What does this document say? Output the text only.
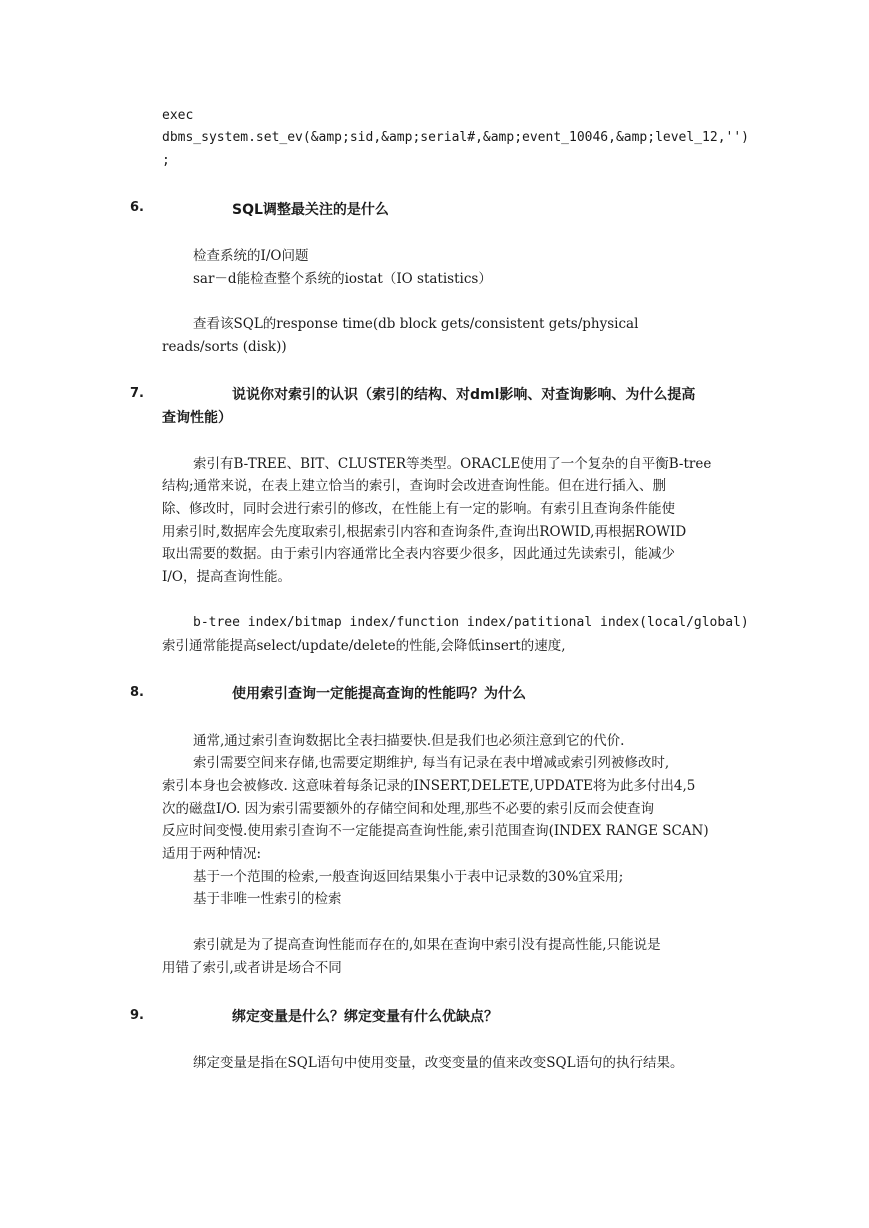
exec
dbms_system.set_ev(&amp;sid,&amp;serial#,&amp;event_10046,&amp;level_12,'')
;
6.	SQL调整最关注的是什么
检查系统的I/O问题
sar－d能检查整个系统的iostat（IO statistics）
查看该SQL的response time(db block gets/consistent gets/physical
reads/sorts (disk))
7.	说说你对索引的认识（索引的结构、对dml影响、对查询影响、为什么提高
查询性能）
索引有B-TREE、BIT、CLUSTER等类型。ORACLE使用了一个复杂的自平衡B-tree
结构;通常来说，在表上建立恰当的索引，查询时会改进查询性能。但在进行插入、删
除、修改时，同时会进行索引的修改，在性能上有一定的影响。有索引且查询条件能使
用索引时,数据库会先度取索引,根据索引内容和查询条件,查询出ROWID,再根据ROWID
取出需要的数据。由于索引内容通常比全表内容要少很多，因此通过先读索引，能减少
I/O，提高查询性能。
b-tree index/bitmap index/function index/patitional index(local/global)
索引通常能提高select/update/delete的性能,会降低insert的速度,
8.	使用索引查询一定能提高查询的性能吗？为什么
通常,通过索引查询数据比全表扫描要快.但是我们也必须注意到它的代价.
索引需要空间来存储,也需要定期维护, 每当有记录在表中增减或索引列被修改时,
索引本身也会被修改. 这意味着每条记录的INSERT,DELETE,UPDATE将为此多付出4,5
次的磁盘I/O. 因为索引需要额外的存储空间和处理,那些不必要的索引反而会使查询
反应时间变慢.使用索引查询不一定能提高查询性能,索引范围查询(INDEX RANGE SCAN)
适用于两种情况:
基于一个范围的检索,一般查询返回结果集小于表中记录数的30%宜采用;
基于非唯一性索引的检索
索引就是为了提高查询性能而存在的,如果在查询中索引没有提高性能,只能说是
用错了索引,或者讲是场合不同
9.	绑定变量是什么？绑定变量有什么优缺点？
绑定变量是指在SQL语句中使用变量，改变变量的值来改变SQL语句的执行结果。
